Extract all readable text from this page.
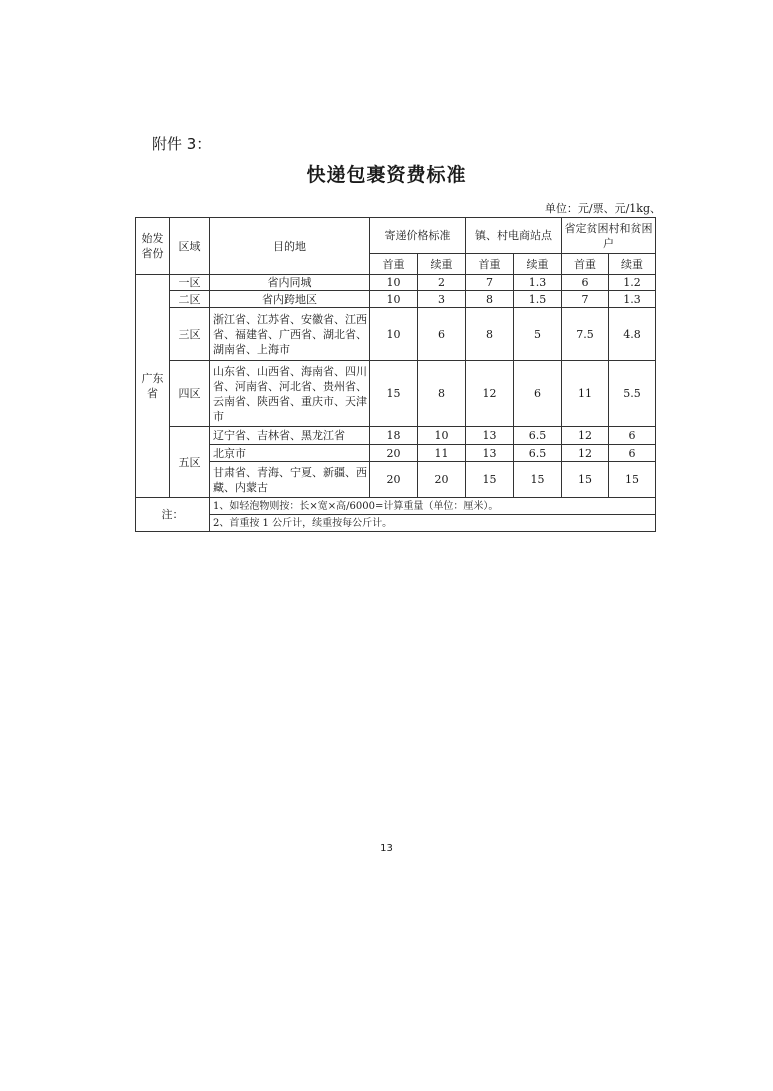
附件 3：
快递包裹资费标准
单位：元/票、元/1kg、
始发省份	区域	目的地	寄递价格标准		镇、村电商站点		省定贫困村和贫困户	
			首重	续重	首重	续重	首重	续重
广东省	一区	省内同城	10	2	7	1.3	6	1.2
	二区	省内跨地区	10	3	8	1.5	7	1.3
	三区	浙江省、江苏省、安徽省、江西省、福建省、广西省、湖北省、湖南省、上海市	10	6	8	5	7.5	4.8
	四区	山东省、山西省、海南省、四川省、河南省、河北省、贵州省、云南省、陕西省、重庆市、天津市	15	8	12	6	11	5.5
	五区	辽宁省、吉林省、黑龙江省	18	10	13	6.5	12	6
		北京市	20	11	13	6.5	12	6
		甘肃省、青海、宁夏、新疆、西藏、内蒙古	20	20	15	15	15	15
注：		1、如轻泡物则按：长×宽×高/6000=计算重量（单位：厘米）。						
		2、首重按 1 公斤计，续重按每公斤计。						
13
